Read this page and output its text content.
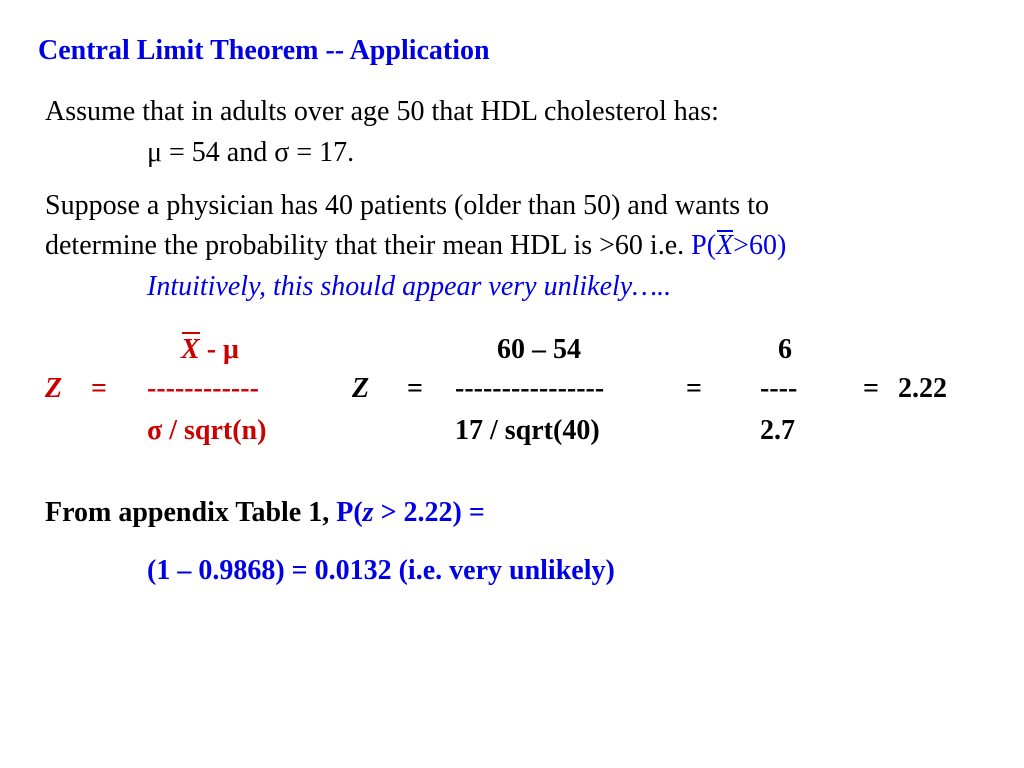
Central Limit Theorem -- Application
Assume that in adults over age 50 that HDL cholesterol has:
μ = 54 and σ = 17.
Suppose a physician has 40 patients (older than 50) and wants to
determine the probability that their mean HDL is >60 i.e. P(X>60)
Intuitively, this should appear very unlikely…..
X - μ	60 – 54	6
Z = ------------	Z = ----------------	= ---- = 2.22
σ / sqrt(n)	17 / sqrt(40)	2.7
From appendix Table 1, P(z > 2.22) =
(1 – 0.9868) = 0.0132 (i.e. very unlikely)
